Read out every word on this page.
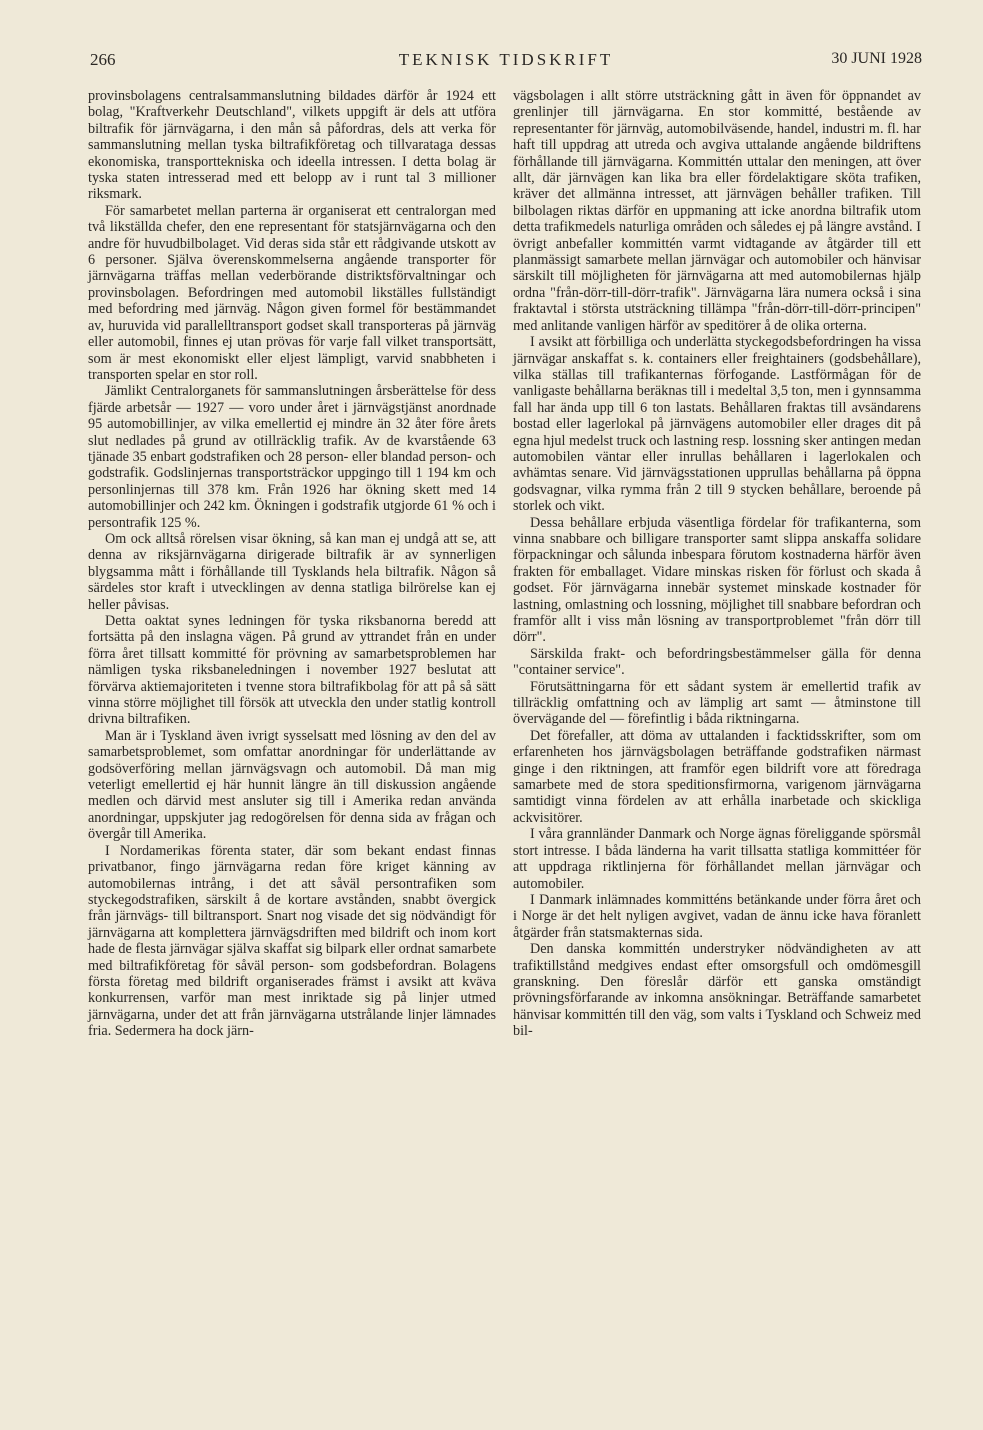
266	TEKNISK TIDSKRIFT	30 JUNI 1928

provinsbolagens centralsammanslutning bildades därför år 1924 ett bolag, "Kraftverkehr Deutschland", vilkets uppgift är dels att utföra biltrafik för järnvägarna, i den mån så påfordras, dels att verka för sammanslutning mellan tyska biltrafikföretag och tillvaratagа dessas ekonomiska, transporttekniska och ideella intressen. I detta bolag är tyska staten intresserad med ett belopp av i runt tal 3 millioner riksmark.

För samarbetet mellan parterna är organiserat ett centralorgan med två likställda chefer, den ene representant för statsjärnvägarna och den andre för huvudbilbolaget. Vid deras sida står ett rådgivande utskott av 6 personer. Själva överenskommelserna angående transporter för järnvägarna träffas mellan vederbörande distriktsförvaltningar och provinsbolagen. Befordringen med automobil likställes fullständigt med befordring med järnväg. Någon given formel för bestämmandet av, huruvida vid parallelltransport godset skall transporteras på järnväg eller automobil, finnes ej utan prövas för varje fall vilket transportsätt, som är mest ekonomiskt eller eljest lämpligt, varvid snabbheten i transporten spelar en stor roll.

Jämlikt Centralorganets för sammanslutningen årsberättelse för dess fjärde arbetsår — 1927 — voro under året i järnvägstjänst anordnade 95 automobillinjer, av vilka emellertid ej mindre än 32 åter före årets slut nedlades på grund av otillräcklig trafik. Av de kvarstående 63 tjänade 35 enbart godstrafiken och 28 person- eller blandad person- och godstrafik. Godslinjernas transportsträckor uppgingo till 1 194 km och personlinjernas till 378 km. Från 1926 har ökning skett med 14 automobillinjer och 242 km. Ökningen i godstrafik utgjorde 61 % och i persontrafik 125 %.

Om ock alltså rörelsen visar ökning, så kan man ej undgå att se, att denna av riksjärnvägarna dirigerade biltrafik är av synnerligen blygsamma mått i förhållande till Tysklands hela biltrafik. Någon så särdeles stor kraft i utvecklingen av denna statliga bilrörelse kan ej heller påvisas.

Detta oaktat synes ledningen för tyska riksbanorna beredd att fortsätta på den inslagna vägen. På grund av yttrandet från en under förra året tillsatt kommitté för prövning av samarbetsproblemen har nämligen tyska riksbaneledningen i november 1927 beslutat att förvärva aktiemajoriteten i tvenne stora biltrafikbolag för att på så sätt vinna större möjlighet till försök att utveckla den under statlig kontroll drivna biltrafiken.

Man är i Tyskland även ivrigt sysselsatt med lösning av den del av samarbetsproblemet, som omfattar anordningar för underlättande av godsöverföring mellan järnvägsvagn och automobil. Då man mig veterligt emellertid ej här hunnit längre än till diskussion angående medlen och därvid mest ansluter sig till i Amerika redan använda anordningar, uppskjuter jag redogörelsen för denna sida av frågan och övergår till Amerika.

I Nordamerikas förenta stater, där som bekant endast finnas privatbanor, fingo järnvägarna redan före kriget känning av automobilernas intrång, i det att såväl persontrafiken som styckegodstrafiken, särskilt å de kortare avstånden, snabbt övergick från järnvägs- till biltransport. Snart nog visade det sig nödvändigt för järnvägarna att komplettera järnvägsdriften med bildrift och inom kort hade de flesta järnvägar själva skaffat sig bilpark eller ordnat samarbete med biltrafikföretag för såväl person- som godsbefordran. Bolagens första företag med bildrift organiserades främst i avsikt att kväva konkurrensen, varför man mest inriktade sig på linjer utmed järnvägarna, under det att från järnvägarna utstrålande linjer lämnades fria. Sedermera ha dock järn-

vägsbolagen i allt större utsträckning gått in även för öppnandet av grenlinjer till järnvägarna. En stor kommitté, bestående av representanter för järnväg, automobilväsende, handel, industri m. fl. har haft till uppdrag att utreda och avgiva uttalande angående bildriftens förhållande till järnvägarna. Kommittén uttalar den meningen, att över allt, där järnvägen kan lika bra eller fördelaktigare sköta trafiken, kräver det allmänna intresset, att järnvägen behåller trafiken. Till bilbolagen riktas därför en uppmaning att icke anordna biltrafik utom detta trafikmedels naturliga områden och således ej på längre avstånd. I övrigt anbefaller kommittén varmt vidtagande av åtgärder till ett planmässigt samarbete mellan järnvägar och automobiler och hänvisar särskilt till möjligheten för järnvägarna att med automobilernas hjälp ordna "från-dörr-till-dörr-trafik". Järnvägarna lära numera också i sina fraktavtal i största utsträckning tillämpa "från-dörr-till-dörr-principen" med anlitande vanligen härför av speditörer å de olika orterna.

I avsikt att förbilliga och underlätta styckegodsbefordringen ha vissa järnvägar anskaffat s. k. containers eller freightainers (godsbehållare), vilka ställas till trafikanternas förfogande. Lastförmågan för de vanligaste behållarna beräknas till i medeltal 3,5 ton, men i gynnsamma fall har ända upp till 6 ton lastats. Behållaren fraktas till avsändarens bostad eller lagerlokal på järnvägens automobiler eller drages dit på egna hjul medelst truck och lastning resp. lossning sker antingen medan automobilen väntar eller inrullas behållaren i lagerlokalen och avhämtas senare. Vid järnvägsstationen upprullas behållarna på öppna godsvagnar, vilka rymma från 2 till 9 stycken behållare, beroende på storlek och vikt.

Dessa behållare erbjuda väsentliga fördelar för trafikanterna, som vinna snabbare och billigare transporter samt slippa anskaffa solidare förpackningar och sålunda inbespara förutom kostnaderna härför även frakten för emballaget. Vidare minskas risken för förlust och skada å godset. För järnvägarna innebär systemet minskade kostnader för lastning, omlastning och lossning, möjlighet till snabbare befordran och framför allt i viss mån lösning av transportproblemet "från dörr till dörr".

Särskilda frakt- och befordringsbestämmelser gälla för denna "container service".

Förutsättningarna för ett sådant system är emellertid trafik av tillräcklig omfattning och av lämplig art samt — åtminstone till övervägande del — förefintlig i båda riktningarna.

Det förefaller, att döma av uttalanden i facktidsskrifter, som om erfarenheten hos järnvägsbolagen beträffande godstrafiken närmast ginge i den riktningen, att framför egen bildrift vore att föredraga samarbete med de stora speditionsfirmorna, varigenom järnvägarna samtidigt vinna fördelen av att erhålla inarbetade och skickliga ackvisitörer.

I våra grannländer Danmark och Norge ägnas föreliggande spörsmål stort intresse. I båda länderna ha varit tillsatta statliga kommittéer för att uppdraga riktlinjerna för förhållandet mellan järnvägar och automobiler.

I Danmark inlämnades kommitténs betänkande under förra året och i Norge är det helt nyligen avgivet, vadan de ännu icke hava föranlett åtgärder från statsmakternas sida.

Den danska kommittén understryker nödvändigheten av att trafiktillstånd medgives endast efter omsorgsfull och omdömesgill granskning. Den föreslår därför ett ganska omständigt prövningsförfarande av inkomna ansökningar. Beträffande samarbetet hänvisar kommittén till den väg, som valts i Tyskland och Schweiz med bil-
